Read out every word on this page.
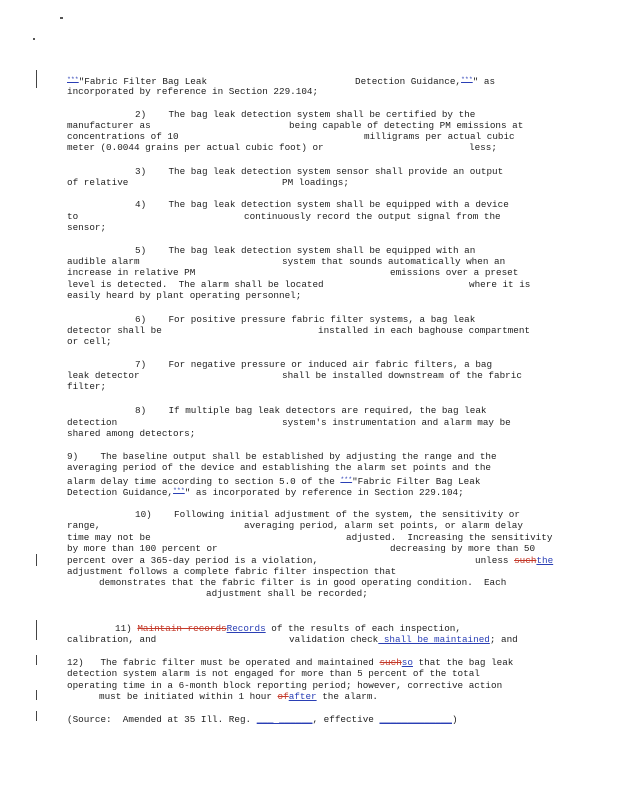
***"Fabric Filter Bag Leak	Detection Guidance,***" as
incorporated by reference in Section 229.104;
2)    The bag leak detection system shall be certified by the
manufacturer as	being capable of detecting PM emissions at
concentrations of 10	milligrams per actual cubic
meter (0.0044 grains per actual cubic foot) or	less;
3)    The bag leak detection system sensor shall provide an output
of relative	PM loadings;
4)    The bag leak detection system shall be equipped with a device
to	continuously record the output signal from the
sensor;
5)    The bag leak detection system shall be equipped with an
audible alarm	system that sounds automatically when an
increase in relative PM	emissions over a preset
level is detected.  The alarm shall be located	where it is
easily heard by plant operating personnel;
6)    For positive pressure fabric filter systems, a bag leak
detector shall be	installed in each baghouse compartment
or cell;
7)    For negative pressure or induced air fabric filters, a bag
leak detector	shall be installed downstream of the fabric
filter;
8)    If multiple bag leak detectors are required, the bag leak
detection	system's instrumentation and alarm may be
shared among detectors;
9)    The baseline output shall be established by adjusting the range and the
averaging period of the device and establishing the alarm set points and the
alarm delay time according to section 5.0 of the ***"Fabric Filter Bag Leak
Detection Guidance,***" as incorporated by reference in Section 229.104;
10)    Following initial adjustment of the system, the sensitivity or
range,	averaging period, alarm set points, or alarm delay
time may not be	adjusted.  Increasing the sensitivity
by more than 100 percent or	decreasing by more than 50
percent over a 365-day period is a violation,	unless suchthe
adjustment follows a complete fabric filter inspection that
demonstrates that the fabric filter is in good operating condition.  Each
adjustment shall be recorded;
11) Maintain recordsRecords of the results of each inspection,
calibration, and	validation check shall be maintained; and
12)   The fabric filter must be operated and maintained suchso that the bag leak
detection system alarm is not engaged for more than 5 percent of the total
operating time in a 6-month block reporting period; however, corrective action
must be initiated within 1 hour ofafter the alarm.
(Source:  Amended at 35 Ill. Reg. ___ ______, effective _____________)
